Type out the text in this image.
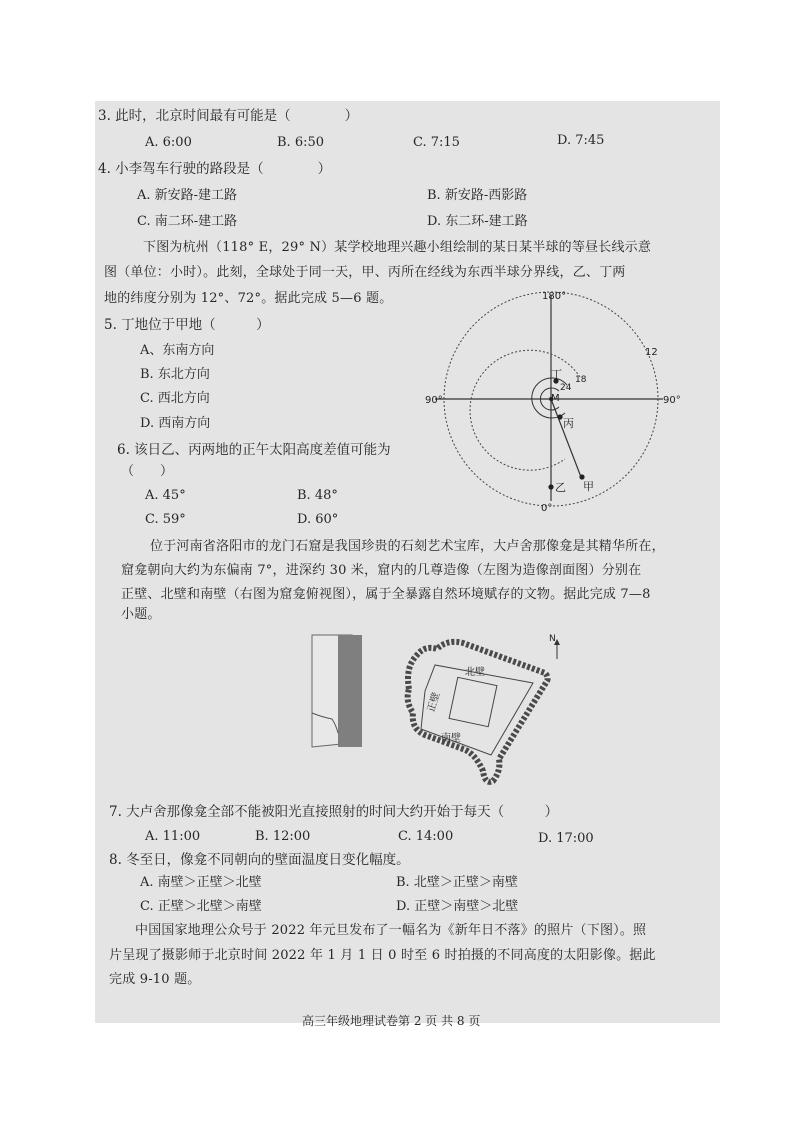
3. 此时，北京时间最有可能是（　　　　）
A. 6:00	B. 6:50	C. 7:15	D. 7:45
4. 小李驾车行驶的路段是（　　　　）
A. 新安路-建工路	B. 新安路-西影路
C. 南二环-建工路	D. 东二环-建工路
下图为杭州（118° E，29° N）某学校地理兴趣小组绘制的某日某半球的等昼长线示意
图（单位：小时）。此刻，全球处于同一天，甲、丙所在经线为东西半球分界线，乙、丁两
地的纬度分别为 12°、72°。据此完成 5—6 题。
5. 丁地位于甲地（　　　）
A、东南方向
B. 东北方向
C. 西北方向
D. 西南方向
6. 该日乙、丙两地的正午太阳高度差值可能为
（　　）
A. 45°	B. 48°
C. 59°	D. 60°
180°
0°
90°	90°
12
18
24
M
丁
丙
乙 甲
位于河南省洛阳市的龙门石窟是我国珍贵的石刻艺术宝库，大卢舍那像龛是其精华所在，
窟龛朝向大约为东偏南 7°，进深约 30 米，窟内的几尊造像（左图为造像剖面图）分别在
正壁、北壁和南壁（右图为窟龛俯视图），属于全暴露自然环境赋存的文物。据此完成 7—8
小题。
北壁
正壁
南壁
N
7. 大卢舍那像龛全部不能被阳光直接照射的时间大约开始于每天（　　　）
A. 11:00	B. 12:00	C. 14:00	D. 17:00
8. 冬至日，像龛不同朝向的壁面温度日变化幅度。
A. 南壁＞正壁＞北壁	B. 北壁＞正壁＞南壁
C. 正壁＞北壁＞南壁	D. 正壁＞南壁＞北壁
中国国家地理公众号于 2022 年元旦发布了一幅名为《新年日不落》的照片（下图）。照
片呈现了摄影师于北京时间 2022 年 1 月 1 日 0 时至 6 时拍摄的不同高度的太阳影像。据此
完成 9-10 题。
高三年级地理试卷第 2 页 共 8 页
